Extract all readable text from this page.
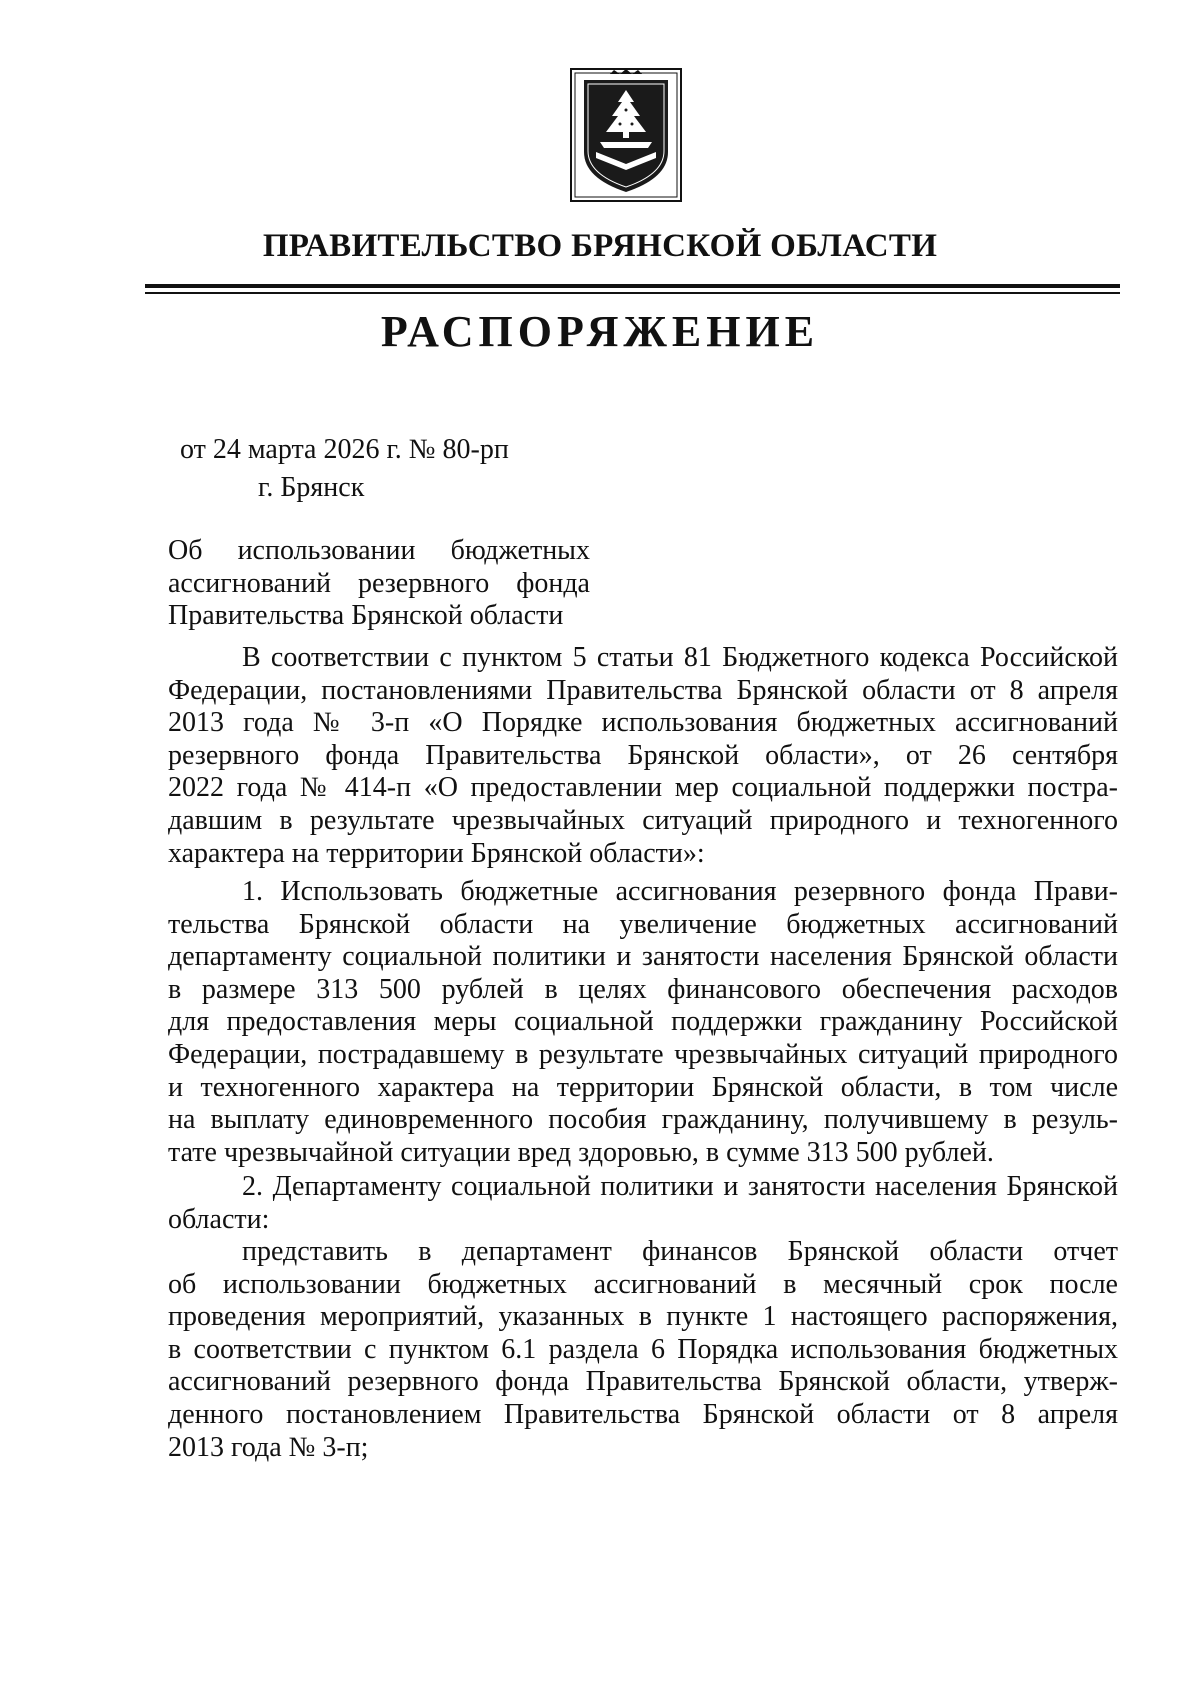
ПРАВИТЕЛЬСТВО БРЯНСКОЙ ОБЛАСТИ
РАСПОРЯЖЕНИЕ
от 24 марта 2026 г. № 80-рп
г. Брянск
Об использовании бюджетных
ассигнований резервного фонда
Правительства Брянской области
В соответствии с пунктом 5 статьи 81 Бюджетного кодекса Российской
Федерации, постановлениями Правительства Брянской области от 8 апреля
2013 года № 3-п «О Порядке использования бюджетных ассигнований
резервного фонда Правительства Брянской области», от 26 сентября
2022 года № 414-п «О предоставлении мер социальной поддержки постра-
давшим в результате чрезвычайных ситуаций природного и техногенного
характера на территории Брянской области»:
1. Использовать бюджетные ассигнования резервного фонда Прави-
тельства Брянской области на увеличение бюджетных ассигнований
департаменту социальной политики и занятости населения Брянской области
в размере 313 500 рублей в целях финансового обеспечения расходов
для предоставления меры социальной поддержки гражданину Российской
Федерации, пострадавшему в результате чрезвычайных ситуаций природного
и техногенного характера на территории Брянской области, в том числе
на выплату единовременного пособия гражданину, получившему в резуль-
тате чрезвычайной ситуации вред здоровью, в сумме 313 500 рублей.
2. Департаменту социальной политики и занятости населения Брянской
области:
представить в департамент финансов Брянской области отчет
об использовании бюджетных ассигнований в месячный срок после
проведения мероприятий, указанных в пункте 1 настоящего распоряжения,
в соответствии с пунктом 6.1 раздела 6 Порядка использования бюджетных
ассигнований резервного фонда Правительства Брянской области, утверж-
денного постановлением Правительства Брянской области от 8 апреля
2013 года № 3-п;
